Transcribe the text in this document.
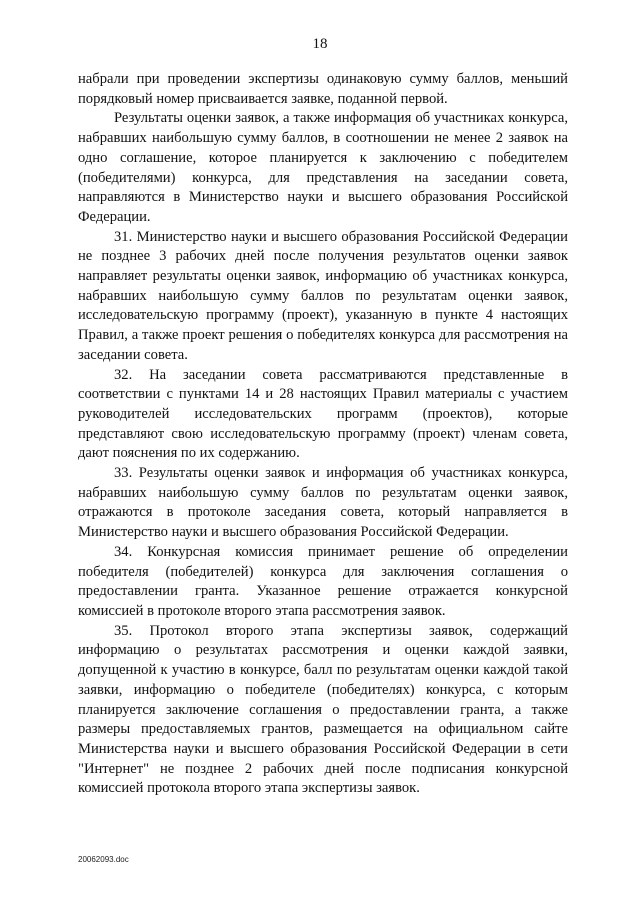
18

набрали при проведении экспертизы одинаковую сумму баллов, меньший порядковый номер присваивается заявке, поданной первой.

Результаты оценки заявок, а также информация об участниках конкурса, набравших наибольшую сумму баллов, в соотношении не менее 2 заявок на одно соглашение, которое планируется к заключению с победителем (победителями) конкурса, для представления на заседании совета, направляются в Министерство науки и высшего образования Российской Федерации.

31. Министерство науки и высшего образования Российской Федерации не позднее 3 рабочих дней после получения результатов оценки заявок направляет результаты оценки заявок, информацию об участниках конкурса, набравших наибольшую сумму баллов по результатам оценки заявок, исследовательскую программу (проект), указанную в пункте 4 настоящих Правил, а также проект решения о победителях конкурса для рассмотрения на заседании совета.

32. На заседании совета рассматриваются представленные в соответствии с пунктами 14 и 28 настоящих Правил материалы с участием руководителей исследовательских программ (проектов), которые представляют свою исследовательскую программу (проект) членам совета, дают пояснения по их содержанию.

33. Результаты оценки заявок и информация об участниках конкурса, набравших наибольшую сумму баллов по результатам оценки заявок, отражаются в протоколе заседания совета, который направляется в Министерство науки и высшего образования Российской Федерации.

34. Конкурсная комиссия принимает решение об определении победителя (победителей) конкурса для заключения соглашения о предоставлении гранта. Указанное решение отражается конкурсной комиссией в протоколе второго этапа рассмотрения заявок.

35. Протокол второго этапа экспертизы заявок, содержащий информацию о результатах рассмотрения и оценки каждой заявки, допущенной к участию в конкурсе, балл по результатам оценки каждой такой заявки, информацию о победителе (победителях) конкурса, с которым планируется заключение соглашения о предоставлении гранта, а также размеры предоставляемых грантов, размещается на официальном сайте Министерства науки и высшего образования Российской Федерации в сети "Интернет" не позднее 2 рабочих дней после подписания конкурсной комиссией протокола второго этапа экспертизы заявок.

20062093.doc
